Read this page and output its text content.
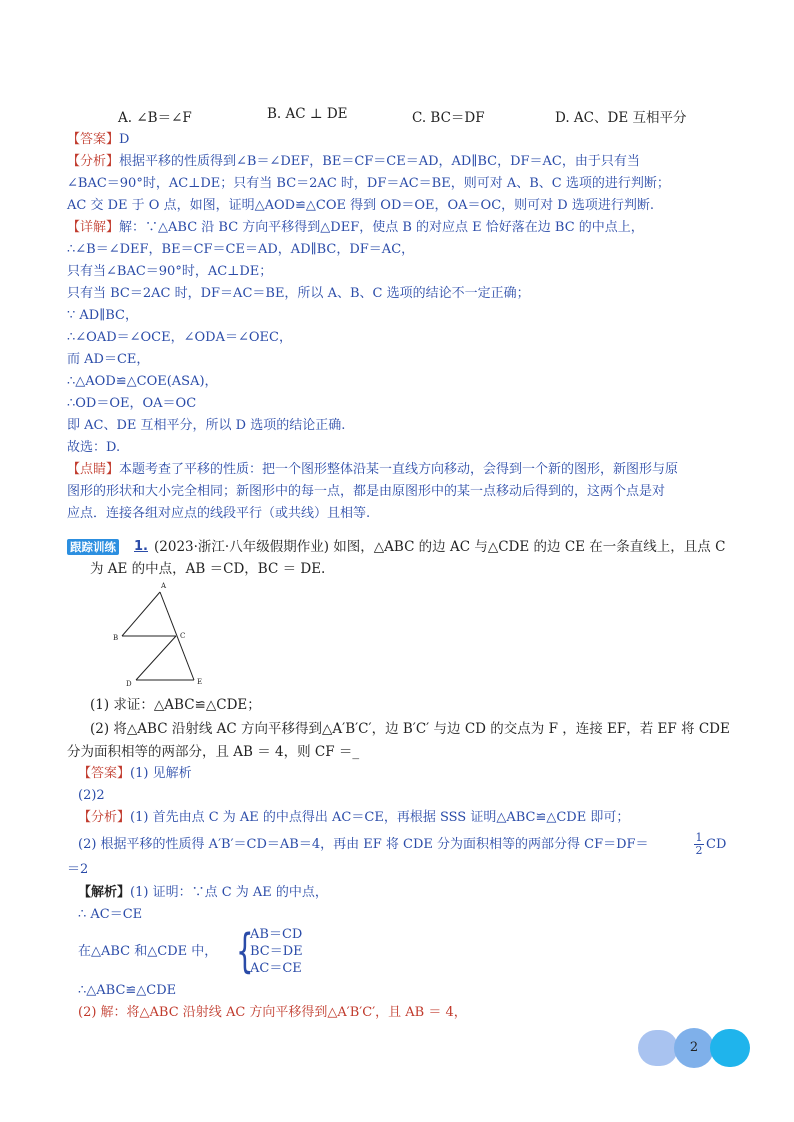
A. ∠B＝∠F	B. AC ⊥ DE	C. BC＝DF	D. AC、DE 互相平分
【答案】D
【分析】根据平移的性质得到∠B＝∠DEF，BE＝CF＝CE＝AD，AD∥BC，DF＝AC，由于只有当
∠BAC＝90°时，AC⊥DE；只有当 BC＝2AC 时，DF＝AC＝BE，则可对 A、B、C 选项的进行判断；
AC 交 DE 于 O 点，如图，证明△AOD≌△COE 得到 OD＝OE，OA＝OC，则可对 D 选项进行判断.
【详解】解：∵△ABC 沿 BC 方向平移得到△DEF，使点 B 的对应点 E 恰好落在边 BC 的中点上，
∴∠B＝∠DEF，BE＝CF＝CE＝AD，AD∥BC，DF＝AC，
只有当∠BAC＝90°时，AC⊥DE；
只有当 BC＝2AC 时，DF＝AC＝BE，所以 A、B、C 选项的结论不一定正确；
∵ AD∥BC，
∴∠OAD＝∠OCE，∠ODA＝∠OEC，
而 AD＝CE，
∴△AOD≌△COE(ASA)，
∴OD＝OE，OA＝OC
即 AC、DE 互相平分，所以 D 选项的结论正确.
故选：D.
【点睛】本题考查了平移的性质：把一个图形整体沿某一直线方向移动，会得到一个新的图形，新图形与原
图形的形状和大小完全相同；新图形中的每一点，都是由原图形中的某一点移动后得到的，这两个点是对
应点．连接各组对应点的线段平行（或共线）且相等.
跟踪训练 1. (2023·浙江·八年级假期作业) 如图，△ABC 的边 AC 与△CDE 的边 CE 在一条直线上，且点 C
为 AE 的中点，AB ＝CD，BC ＝ DE.
A
B	C
D	E
(1) 求证：△ABC≌△CDE；
(2) 将△ABC 沿射线 AC 方向平移得到△A′B′C′，边 B′C′ 与边 CD 的交点为 F ，连接 EF，若 EF 将 CDE
分为面积相等的两部分，且 AB ＝ 4，则 CF ＝_
【答案】(1) 见解析
(2)2
【分析】(1) 首先由点 C 为 AE 的中点得出 AC＝CE，再根据 SSS 证明△ABC≌△CDE 即可；
(2) 根据平移的性质得 A′B′＝CD＝AB＝4，再由 EF 将 CDE 分为面积相等的两部分得 CF＝DF＝	$\frac{1}{2}$ CD
＝2
【解析】(1) 证明：∵点 C 为 AE 的中点，
∴ AC＝CE
在△ABC 和△CDE 中， {
AB＝CD
BC＝DE
AC＝CE
∴△ABC≌△CDE
(2) 解：将△ABC 沿射线 AC 方向平移得到△A′B′C′，且 AB ＝ 4，
2
